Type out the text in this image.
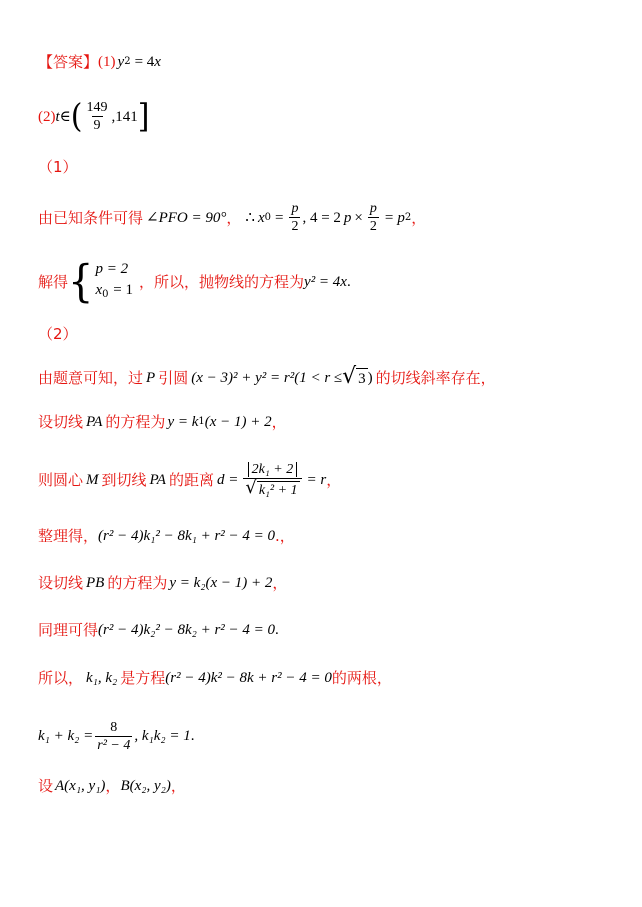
【答案】 (1) y 2 = 4 x
(2) t ∈ ( $\frac{149}{9} ,141$ ]
（1）
由已知条件可得 ∠PFO = 90° ， ∴ x $0 = \frac{p}{2}$ , 4 = 2 $p \times \frac{p}{2} = p$ 2 ，
解得 { p = 2
$x_0 = 1$ ，所以，抛物线的方程为 y² = 4x .
（2）
由题意可知，过 P 引圆 (x − 3)² + y² = r²(1 < r ≤ √ 3 ) 的切线斜率存在，
设切线 PA 的方程为 y = k 1 (x − 1) + 2 ，
则圆心 M 到切线 PA 的距离 $d = \frac{\text{2k₁ + 2}}{\text{√ k₁² + 1}} = r$ ，
整理得， (r² − 4)k₁² − 8k₁ + r² − 4 = 0 .，
设切线 PB 的方程为 y = k₂(x − 1) + 2 ，
同理可得 (r² − 4)k₂² − 8k₂ + r² − 4 = 0 .
所以， k₁, k₂ 是方程 (r² − 4)k² − 8k + r² − 4 = 0 的两根，
$k_1 + k_2 = \frac{8}{\text{r² − 4}}$ , k₁k₂ = 1 .
设 A(x₁, y₁) ， B(x₂, y₂) ，
